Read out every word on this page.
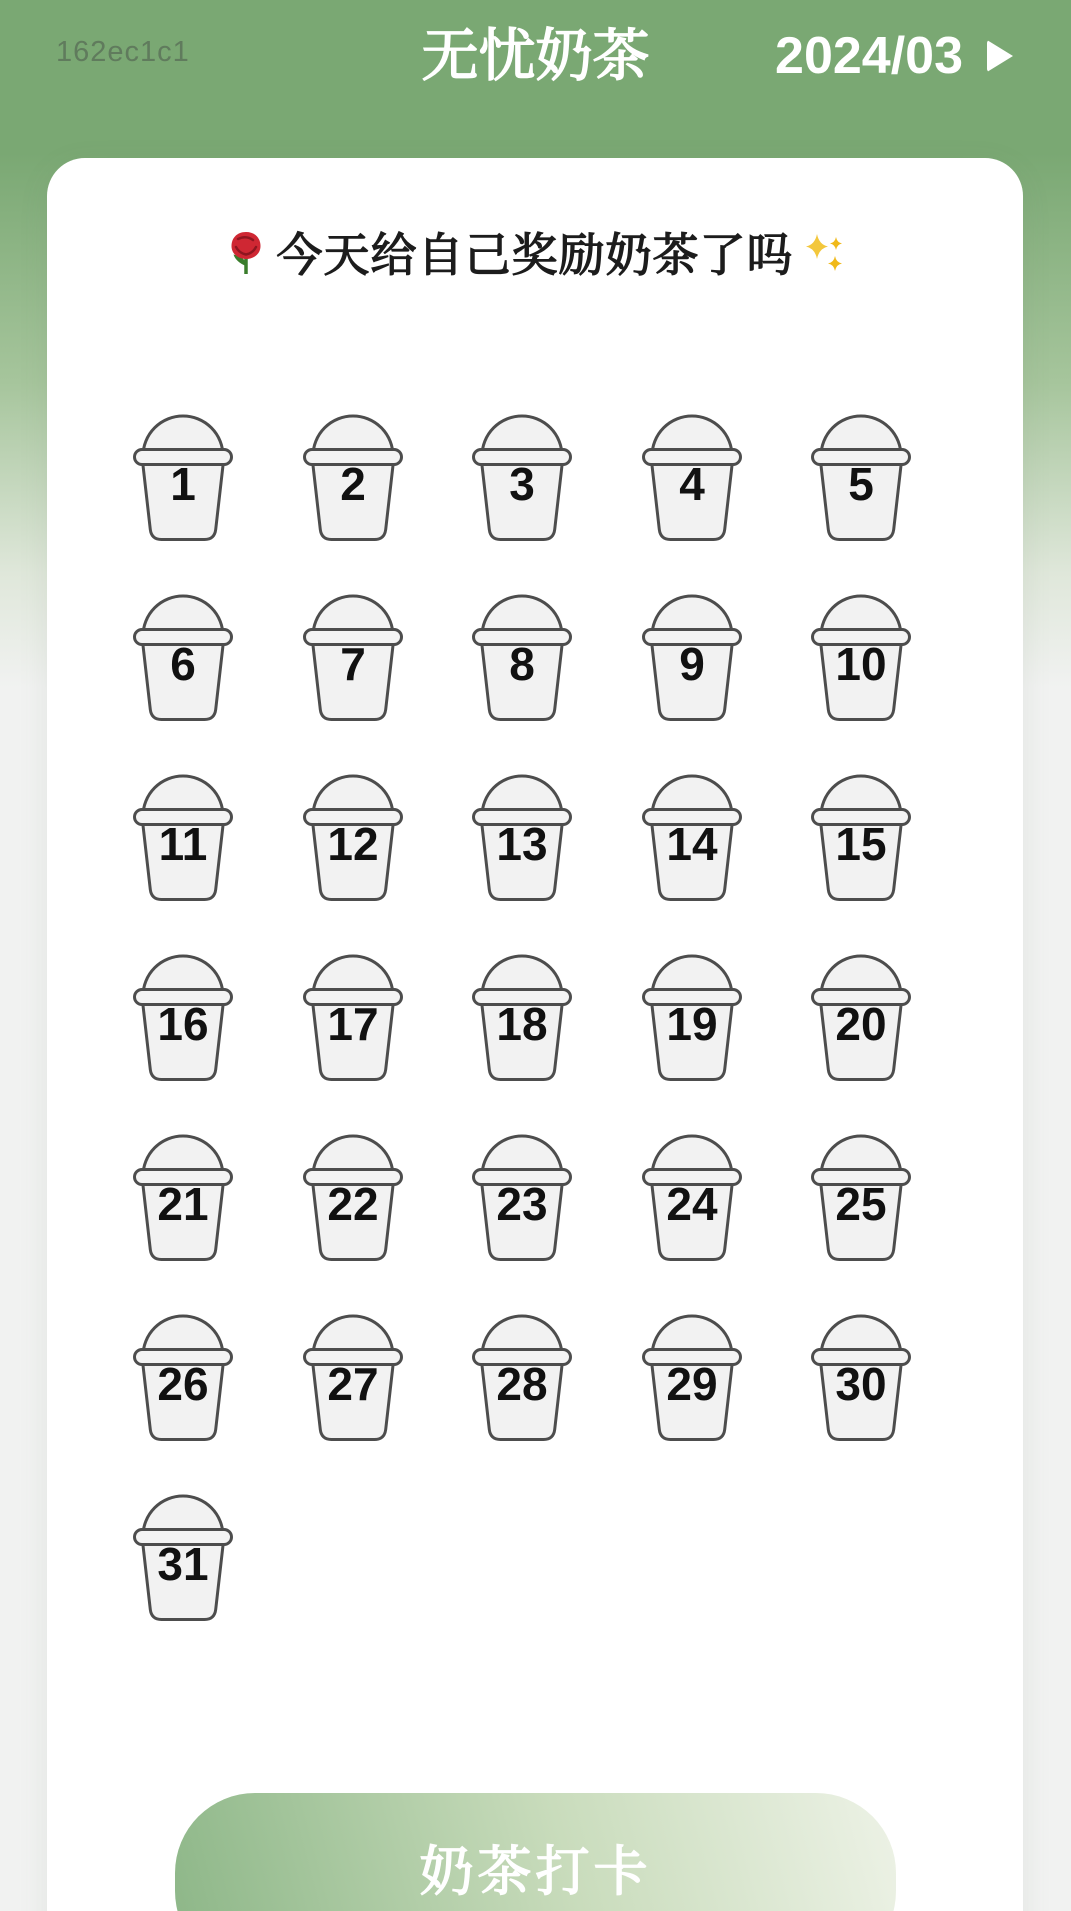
162ec1c1	无忧奶茶	2024/03
今天给自己奖励奶茶了吗
1	2	3	4	5
6	7	8	9	10
11	12	13	14	15
16	17	18	19	20
21	22	23	24	25
26	27	28	29	30
31
奶茶打卡
